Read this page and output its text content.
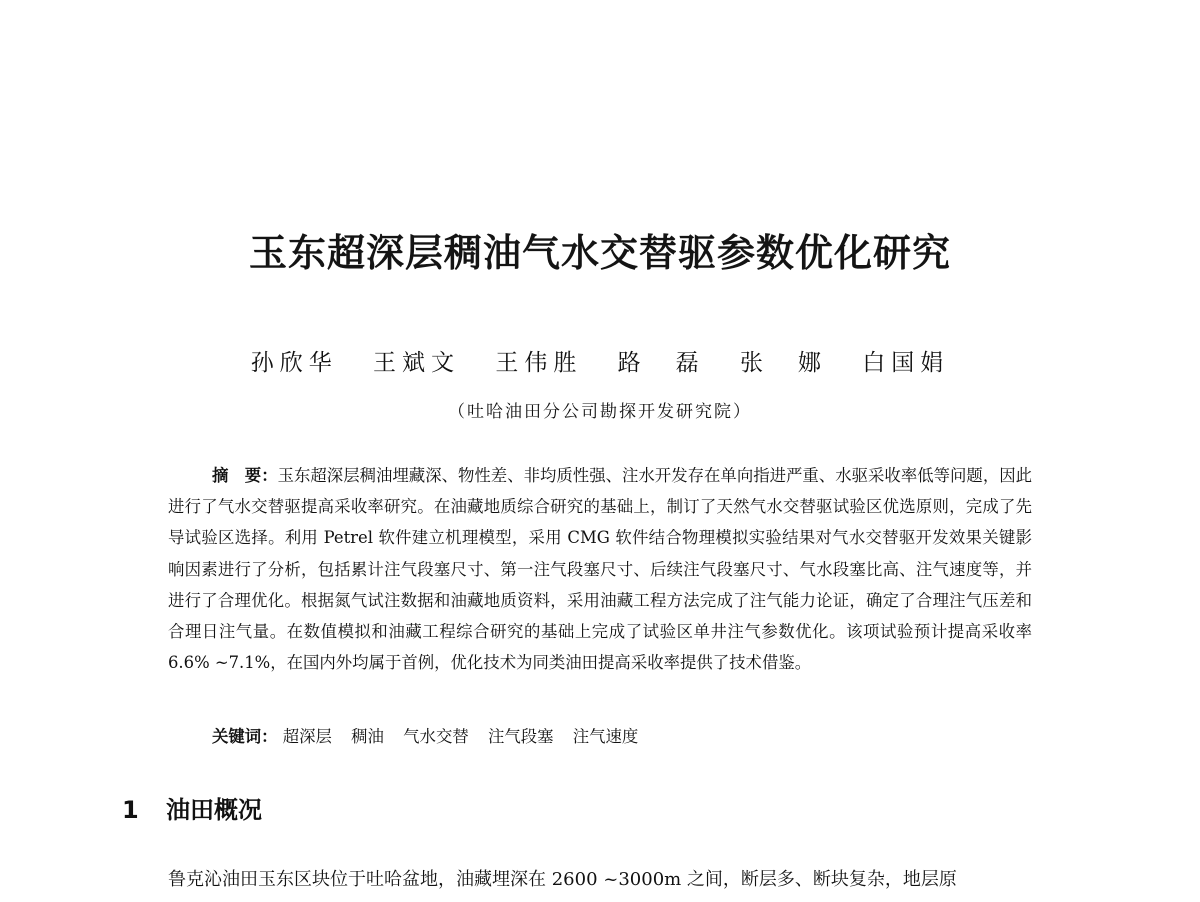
玉东超深层稠油气水交替驱参数优化研究
孙欣华 王斌文 王伟胜 路　磊 张　娜 白国娟
（吐哈油田分公司勘探开发研究院）

摘　要：玉东超深层稠油埋藏深、物性差、非均质性强、注水开发存在单向指进严重、水驱采收率低等问题，因此进行了气水交替驱提高采收率研究。在油藏地质综合研究的基础上，制订了天然气水交替驱试验区优选原则，完成了先导试验区选择。利用 Petrel 软件建立机理模型，采用 CMG 软件结合物理模拟实验结果对气水交替驱开发效果关键影响因素进行了分析，包括累计注气段塞尺寸、第一注气段塞尺寸、后续注气段塞尺寸、气水段塞比高、注气速度等，并进行了合理优化。根据氮气试注数据和油藏地质资料，采用油藏工程方法完成了注气能力论证，确定了合理注气压差和合理日注气量。在数值模拟和油藏工程综合研究的基础上完成了试验区单井注气参数优化。该项试验预计提高采收率 6.6% ~7.1%，在国内外均属于首例，优化技术为同类油田提高采收率提供了技术借鉴。

关键词： 超深层 稠油 气水交替 注气段塞 注气速度
1 油田概况
鲁克沁油田玉东区块位于吐哈盆地，油藏埋深在 2600 ~3000m 之间，断层多、断块复杂，地层原
